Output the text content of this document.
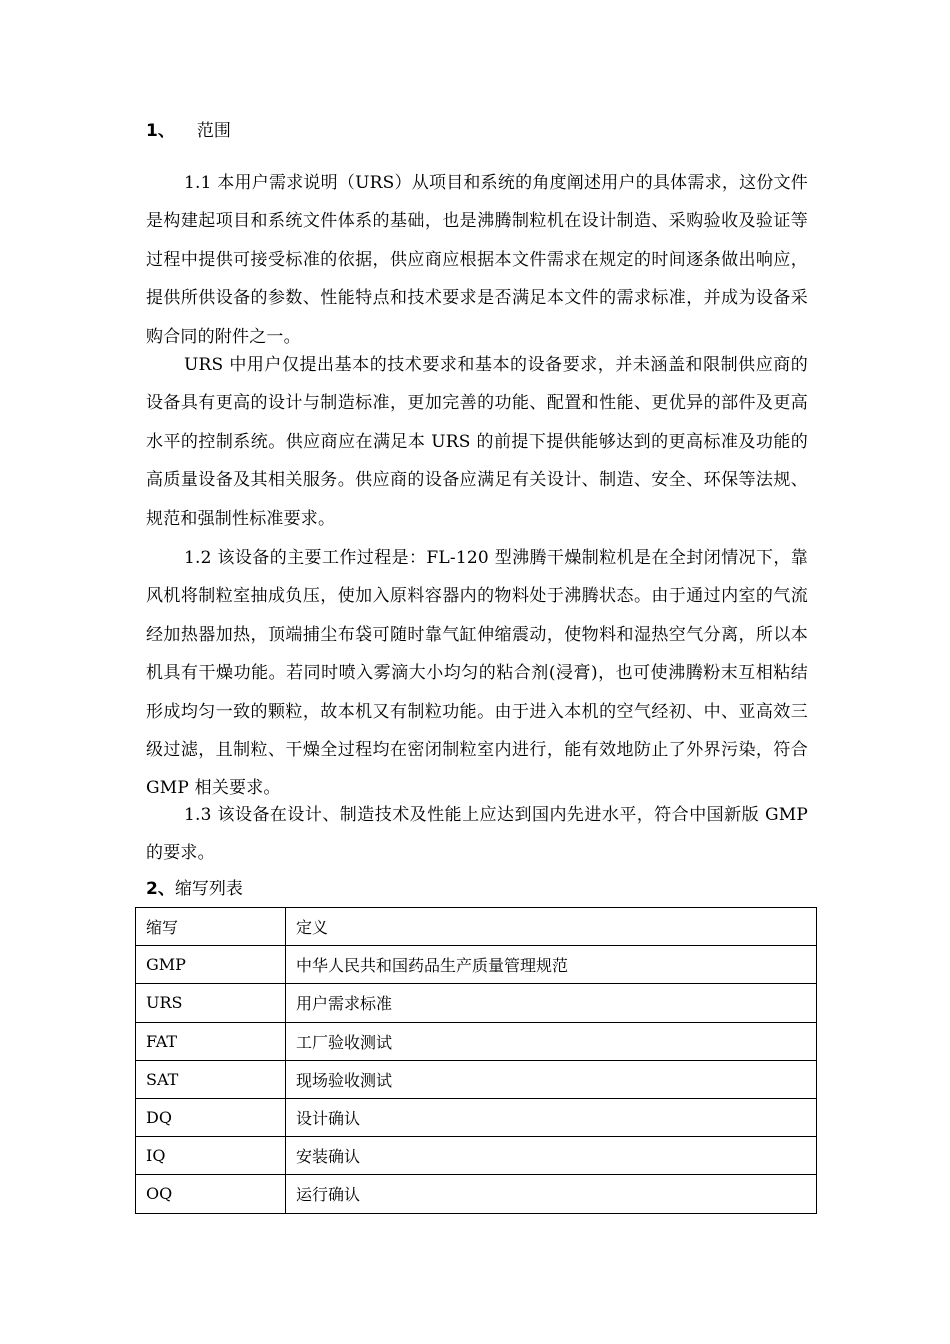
1、 范围

1.1 本用户需求说明（URS）从项目和系统的角度阐述用户的具体需求，这份文件是构建起项目和系统文件体系的基础，也是沸腾制粒机在设计制造、采购验收及验证等过程中提供可接受标准的依据，供应商应根据本文件需求在规定的时间逐条做出响应，提供所供设备的参数、性能特点和技术要求是否满足本文件的需求标准，并成为设备采购合同的附件之一。

URS 中用户仅提出基本的技术要求和基本的设备要求，并未涵盖和限制供应商的设备具有更高的设计与制造标准，更加完善的功能、配置和性能、更优异的部件及更高水平的控制系统。供应商应在满足本 URS 的前提下提供能够达到的更高标准及功能的高质量设备及其相关服务。供应商的设备应满足有关设计、制造、安全、环保等法规、规范和强制性标准要求。

1.2 该设备的主要工作过程是：FL-120 型沸腾干燥制粒机是在全封闭情况下，靠风机将制粒室抽成负压，使加入原料容器内的物料处于沸腾状态。由于通过内室的气流经加热器加热，顶端捕尘布袋可随时靠气缸伸缩震动，使物料和湿热空气分离，所以本机具有干燥功能。若同时喷入雾滴大小均匀的粘合剂(浸膏)，也可使沸腾粉末互相粘结形成均匀一致的颗粒，故本机又有制粒功能。由于进入本机的空气经初、中、亚高效三级过滤，且制粒、干燥全过程均在密闭制粒室内进行，能有效地防止了外界污染，符合 GMP 相关要求。

1.3 该设备在设计、制造技术及性能上应达到国内先进水平，符合中国新版 GMP 的要求。

2、缩写列表
缩写	定义
GMP	中华人民共和国药品生产质量管理规范
URS	用户需求标准
FAT	工厂验收测试
SAT	现场验收测试
DQ	设计确认
IQ	安装确认
OQ	运行确认
